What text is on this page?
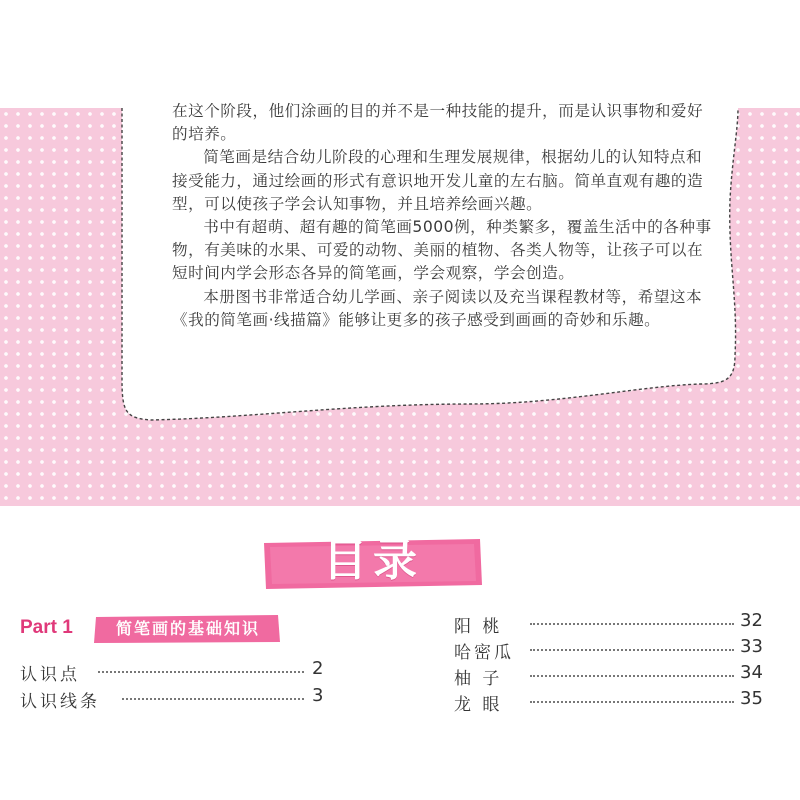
在这个阶段，他们涂画的目的并不是一种技能的提升，而是认识事物和爱好的培养。

简笔画是结合幼儿阶段的心理和生理发展规律，根据幼儿的认知特点和接受能力，通过绘画的形式有意识地开发儿童的左右脑。简单直观有趣的造型，可以使孩子学会认知事物，并且培养绘画兴趣。

书中有超萌、超有趣的简笔画5000例，种类繁多，覆盖生活中的各种事物，有美味的水果、可爱的动物、美丽的植物、各类人物等，让孩子可以在短时间内学会形态各异的简笔画，学会观察，学会创造。

本册图书非常适合幼儿学画、亲子阅读以及充当课程教材等，希望这本《我的简笔画·线描篇》能够让更多的孩子感受到画画的奇妙和乐趣。

目录
Part 1	简笔画的基础知识
认识点	2
认识线条	3
阳 桃	32
哈密瓜	33
柚 子	34
龙 眼	35
